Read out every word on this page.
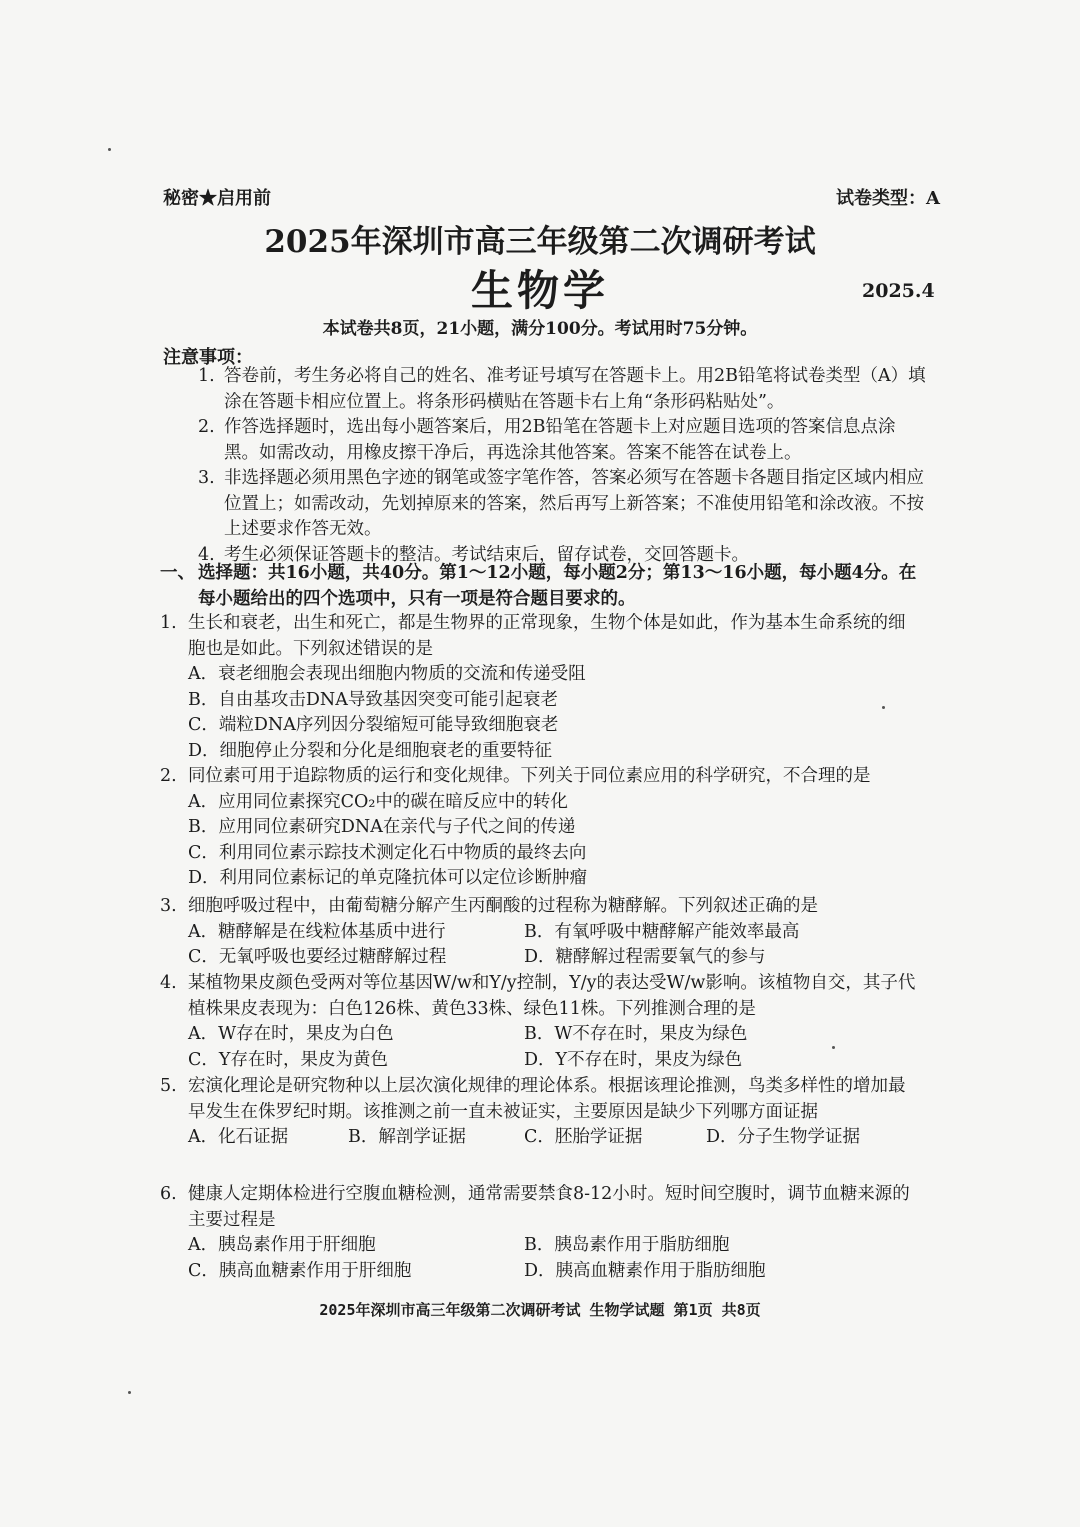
秘密★启用前	试卷类型：A
2025年深圳市高三年级第二次调研考试
生物学	2025.4
本试卷共8页，21小题，满分100分。考试用时75分钟。
注意事项：
1. 答卷前，考生务必将自己的姓名、准考证号填写在答题卡上。用2B铅笔将试卷类型（A）填涂在答题卡相应位置上。将条形码横贴在答题卡右上角“条形码粘贴处”。
2. 作答选择题时，选出每小题答案后，用2B铅笔在答题卡上对应题目选项的答案信息点涂黑。如需改动，用橡皮擦干净后，再选涂其他答案。答案不能答在试卷上。
3. 非选择题必须用黑色字迹的钢笔或签字笔作答，答案必须写在答题卡各题目指定区域内相应位置上；如需改动，先划掉原来的答案，然后再写上新答案；不准使用铅笔和涂改液。不按上述要求作答无效。
4. 考生必须保证答题卡的整洁。考试结束后，留存试卷，交回答题卡。
一、 选择题：共16小题，共40分。第1～12小题，每小题2分；第13～16小题，每小题4分。在每小题给出的四个选项中，只有一项是符合题目要求的。
1. 生长和衰老，出生和死亡，都是生物界的正常现象，生物个体是如此，作为基本生命系统的细胞也是如此。下列叙述错误的是
A．衰老细胞会表现出细胞内物质的交流和传递受阻
B．自由基攻击DNA导致基因突变可能引起衰老
C．端粒DNA序列因分裂缩短可能导致细胞衰老
D．细胞停止分裂和分化是细胞衰老的重要特征
2. 同位素可用于追踪物质的运行和变化规律。下列关于同位素应用的科学研究，不合理的是
A．应用同位素探究CO₂中的碳在暗反应中的转化
B．应用同位素研究DNA在亲代与子代之间的传递
C．利用同位素示踪技术测定化石中物质的最终去向
D．利用同位素标记的单克隆抗体可以定位诊断肿瘤
3. 细胞呼吸过程中，由葡萄糖分解产生丙酮酸的过程称为糖酵解。下列叙述正确的是
A．糖酵解是在线粒体基质中进行	B．有氧呼吸中糖酵解产能效率最高
C．无氧呼吸也要经过糖酵解过程	D．糖酵解过程需要氧气的参与
4. 某植物果皮颜色受两对等位基因W/w和Y/y控制，Y/y的表达受W/w影响。该植物自交，其子代植株果皮表现为：白色126株、黄色33株、绿色11株。下列推测合理的是
A．W存在时，果皮为白色	B．W不存在时，果皮为绿色
C．Y存在时，果皮为黄色	D．Y不存在时，果皮为绿色
5. 宏演化理论是研究物种以上层次演化规律的理论体系。根据该理论推测，鸟类多样性的增加最早发生在侏罗纪时期。该推测之前一直未被证实，主要原因是缺少下列哪方面证据
A．化石证据	B．解剖学证据	C．胚胎学证据	D．分子生物学证据
6. 健康人定期体检进行空腹血糖检测，通常需要禁食8-12小时。短时间空腹时，调节血糖来源的主要过程是
A．胰岛素作用于肝细胞	B．胰岛素作用于脂肪细胞
C．胰高血糖素作用于肝细胞	D．胰高血糖素作用于脂肪细胞
2025年深圳市高三年级第二次调研考试 生物学试题 第1页 共8页
